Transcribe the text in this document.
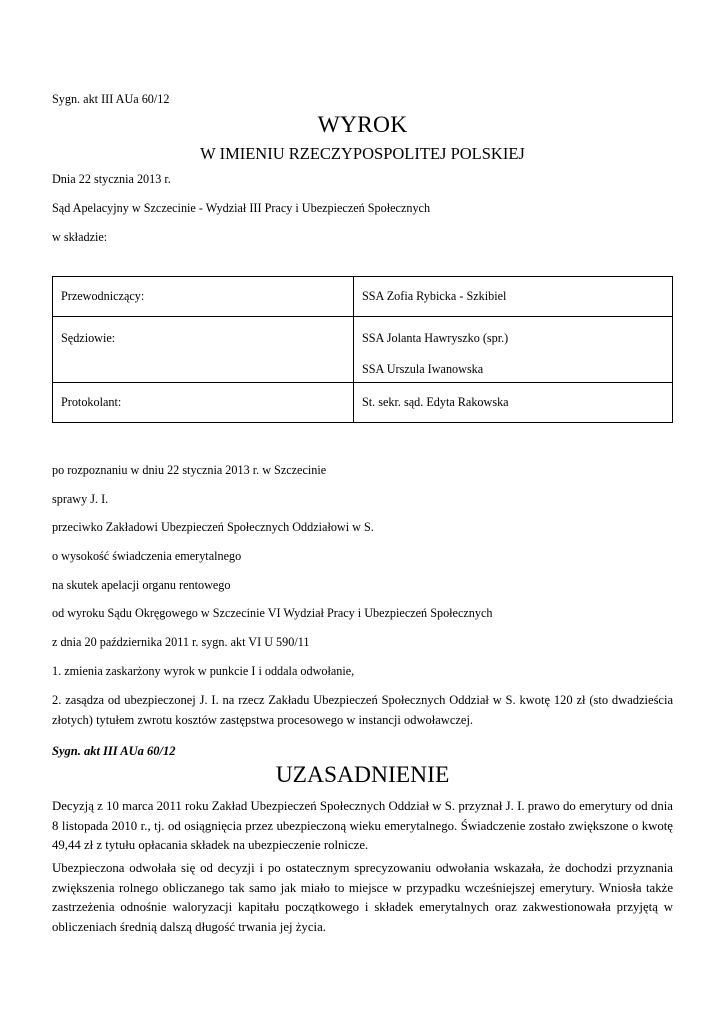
Sygn. akt III AUa 60/12
WYROK
W IMIENIU RZECZYPOSPOLITEJ POLSKIEJ
Dnia 22 stycznia 2013 r.
Sąd Apelacyjny w Szczecinie - Wydział III Pracy i Ubezpieczeń Społecznych
w składzie:
Przewodniczący:	SSA Zofia Rybicka - Szkibiel
Sędziowie:	SSA Jolanta Hawryszko (spr.)
SSA Urszula Iwanowska

Protokolant:	St. sekr. sąd. Edyta Rakowska
po rozpoznaniu w dniu 22 stycznia 2013 r. w Szczecinie
sprawy J. I.
przeciwko Zakładowi Ubezpieczeń Społecznych Oddziałowi w S.
o wysokość świadczenia emerytalnego
na skutek apelacji organu rentowego
od wyroku Sądu Okręgowego w Szczecinie VI Wydział Pracy i Ubezpieczeń Społecznych
z dnia 20 października 2011 r. sygn. akt VI U 590/11
1. zmienia zaskarżony wyrok w punkcie I i oddala odwołanie,
2. zasądza od ubezpieczonej J. I. na rzecz Zakładu Ubezpieczeń Społecznych Oddział w S. kwotę 120 zł (sto dwadzieścia złotych) tytułem zwrotu kosztów zastępstwa procesowego w instancji odwoławczej.
Sygn. akt III AUa 60/12
UZASADNIENIE
Decyzją z 10 marca 2011 roku Zakład Ubezpieczeń Społecznych Oddział w S. przyznał J. I. prawo do emerytury od dnia 8 listopada 2010 r., tj. od osiągnięcia przez ubezpieczoną wieku emerytalnego. Świadczenie zostało zwiększone o kwotę 49,44 zł z tytułu opłacania składek na ubezpieczenie rolnicze.
Ubezpieczona odwołała się od decyzji i po ostatecznym sprecyzowaniu odwołania wskazała, że dochodzi przyznania zwiększenia rolnego obliczanego tak samo jak miało to miejsce w przypadku wcześniejszej emerytury. Wniosła także zastrzeżenia odnośnie waloryzacji kapitału początkowego i składek emerytalnych oraz zakwestionowała przyjętą w obliczeniach średnią dalszą długość trwania jej życia.
